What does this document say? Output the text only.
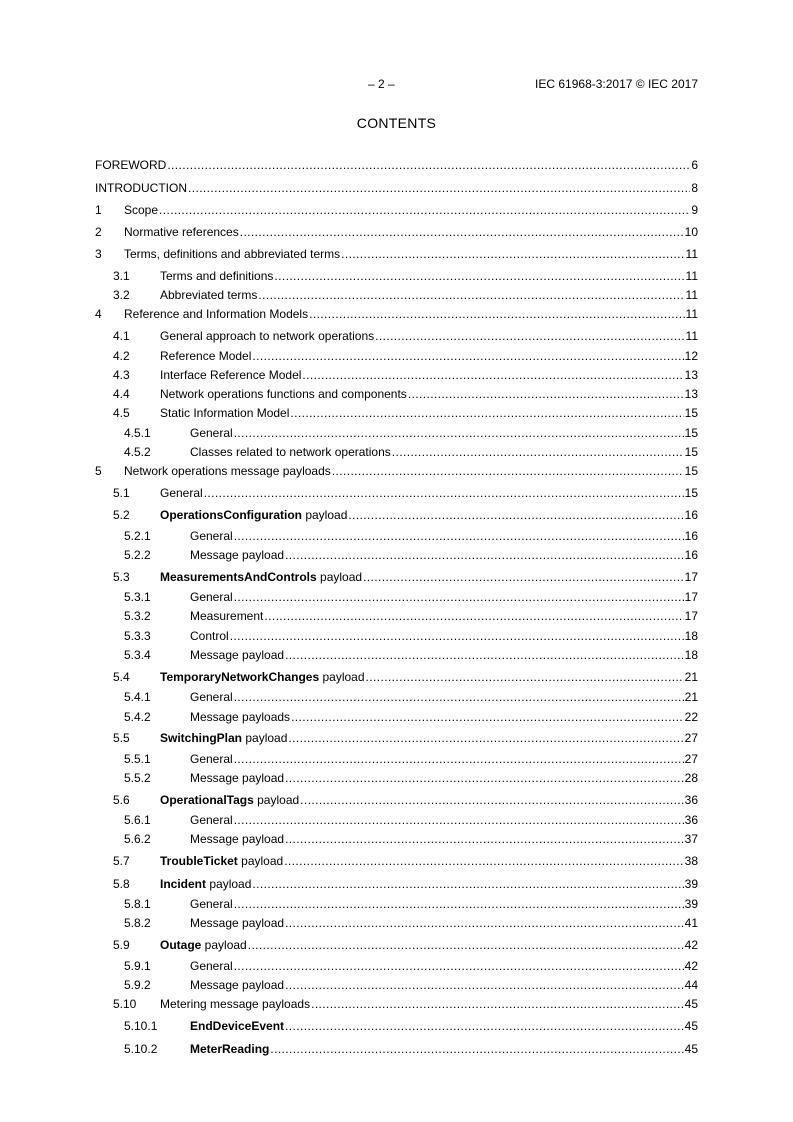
– 2 –	IEC 61968-3:2017 © IEC 2017
CONTENTS
FOREWORD .....	6
INTRODUCTION .....	8
1	Scope .....	9
2	Normative references .....	10
3	Terms, definitions and abbreviated terms .....	11
3.1	Terms and definitions .....	11
3.2	Abbreviated terms .....	11
4	Reference and Information Models .....	11
4.1	General approach to network operations .....	11
4.2	Reference Model .....	12
4.3	Interface Reference Model .....	13
4.4	Network operations functions and components .....	13
4.5	Static Information Model .....	15
4.5.1	General .....	15
4.5.2	Classes related to network operations .....	15
5	Network operations message payloads .....	15
5.1	General .....	15
5.2	OperationsConfiguration payload .....	16
5.2.1	General .....	16
5.2.2	Message payload .....	16
5.3	MeasurementsAndControls payload .....	17
5.3.1	General .....	17
5.3.2	Measurement .....	17
5.3.3	Control .....	18
5.3.4	Message payload .....	18
5.4	TemporaryNetworkChanges payload .....	21
5.4.1	General .....	21
5.4.2	Message payloads .....	22
5.5	SwitchingPlan payload .....	27
5.5.1	General .....	27
5.5.2	Message payload .....	28
5.6	OperationalTags payload .....	36
5.6.1	General .....	36
5.6.2	Message payload .....	37
5.7	TroubleTicket payload .....	38
5.8	Incident payload .....	39
5.8.1	General .....	39
5.8.2	Message payload .....	41
5.9	Outage payload .....	42
5.9.1	General .....	42
5.9.2	Message payload .....	44
5.10	Metering message payloads .....	45
5.10.1	EndDeviceEvent .....	45
5.10.2	MeterReading .....	45
